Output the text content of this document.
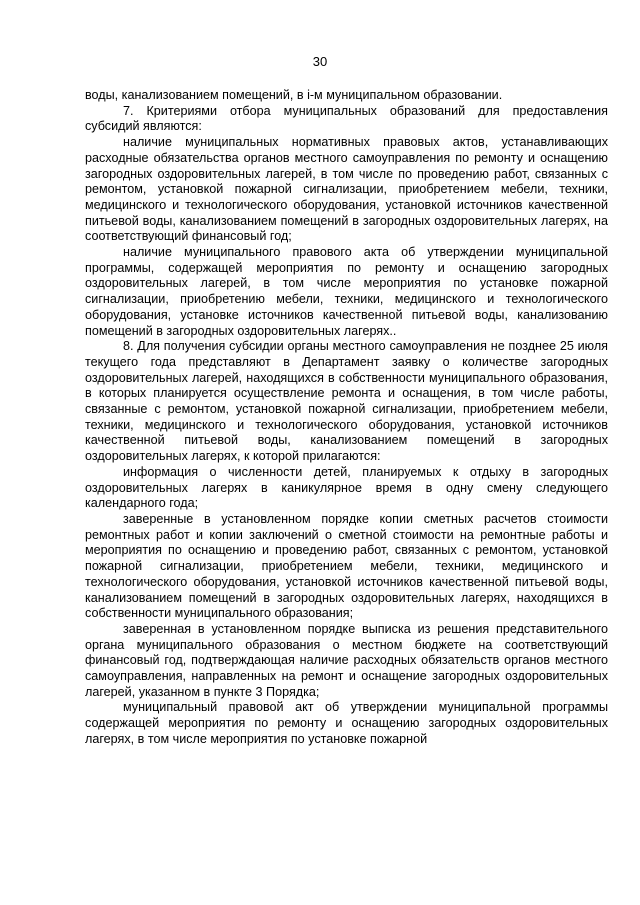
30

воды, канализованием помещений, в i-м муниципальном образовании.

7. Критериями отбора муниципальных образований для предоставления субсидий являются:

наличие муниципальных нормативных правовых актов, устанавливающих расходные обязательства органов местного самоуправления по ремонту и оснащению загородных оздоровительных лагерей, в том числе по проведению работ, связанных с ремонтом, установкой пожарной сигнализации, приобретением мебели, техники, медицинского и технологического оборудования, установкой источников качественной питьевой воды, канализованием помещений в загородных оздоровительных лагерях, на соответствующий финансовый год;

наличие муниципального правового акта об утверждении муниципальной программы, содержащей мероприятия по ремонту и оснащению загородных оздоровительных лагерей, в том числе мероприятия по установке пожарной сигнализации, приобретению мебели, техники, медицинского и технологического оборудования, установке источников качественной питьевой воды, канализованию помещений в загородных оздоровительных лагерях..

8. Для получения субсидии органы местного самоуправления не позднее 25 июля текущего года представляют в Департамент заявку о количестве загородных оздоровительных лагерей, находящихся в собственности муниципального образования, в которых планируется осуществление ремонта и оснащения, в том числе работы, связанные с ремонтом, установкой пожарной сигнализации, приобретением мебели, техники, медицинского и технологического оборудования, установкой источников качественной питьевой воды, канализованием помещений в загородных оздоровительных лагерях, к которой прилагаются:

информация о численности детей, планируемых к отдыху в загородных оздоровительных лагерях в каникулярное время в одну смену следующего календарного года;

заверенные в установленном порядке копии сметных расчетов стоимости ремонтных работ и копии заключений о сметной стоимости на ремонтные работы и мероприятия по оснащению и проведению работ, связанных с ремонтом, установкой пожарной сигнализации, приобретением мебели, техники, медицинского и технологического оборудования, установкой источников качественной питьевой воды, канализованием помещений в загородных оздоровительных лагерях, находящихся в собственности муниципального образования;

заверенная в установленном порядке выписка из решения представительного органа муниципального образования о местном бюджете на соответствующий финансовый год, подтверждающая наличие расходных обязательств органов местного самоуправления, направленных на ремонт и оснащение загородных оздоровительных лагерей, указанном в пункте 3 Порядка;

муниципальный правовой акт об утверждении муниципальной программы содержащей мероприятия по ремонту и оснащению загородных оздоровительных лагерях, в том числе мероприятия по установке пожарной
